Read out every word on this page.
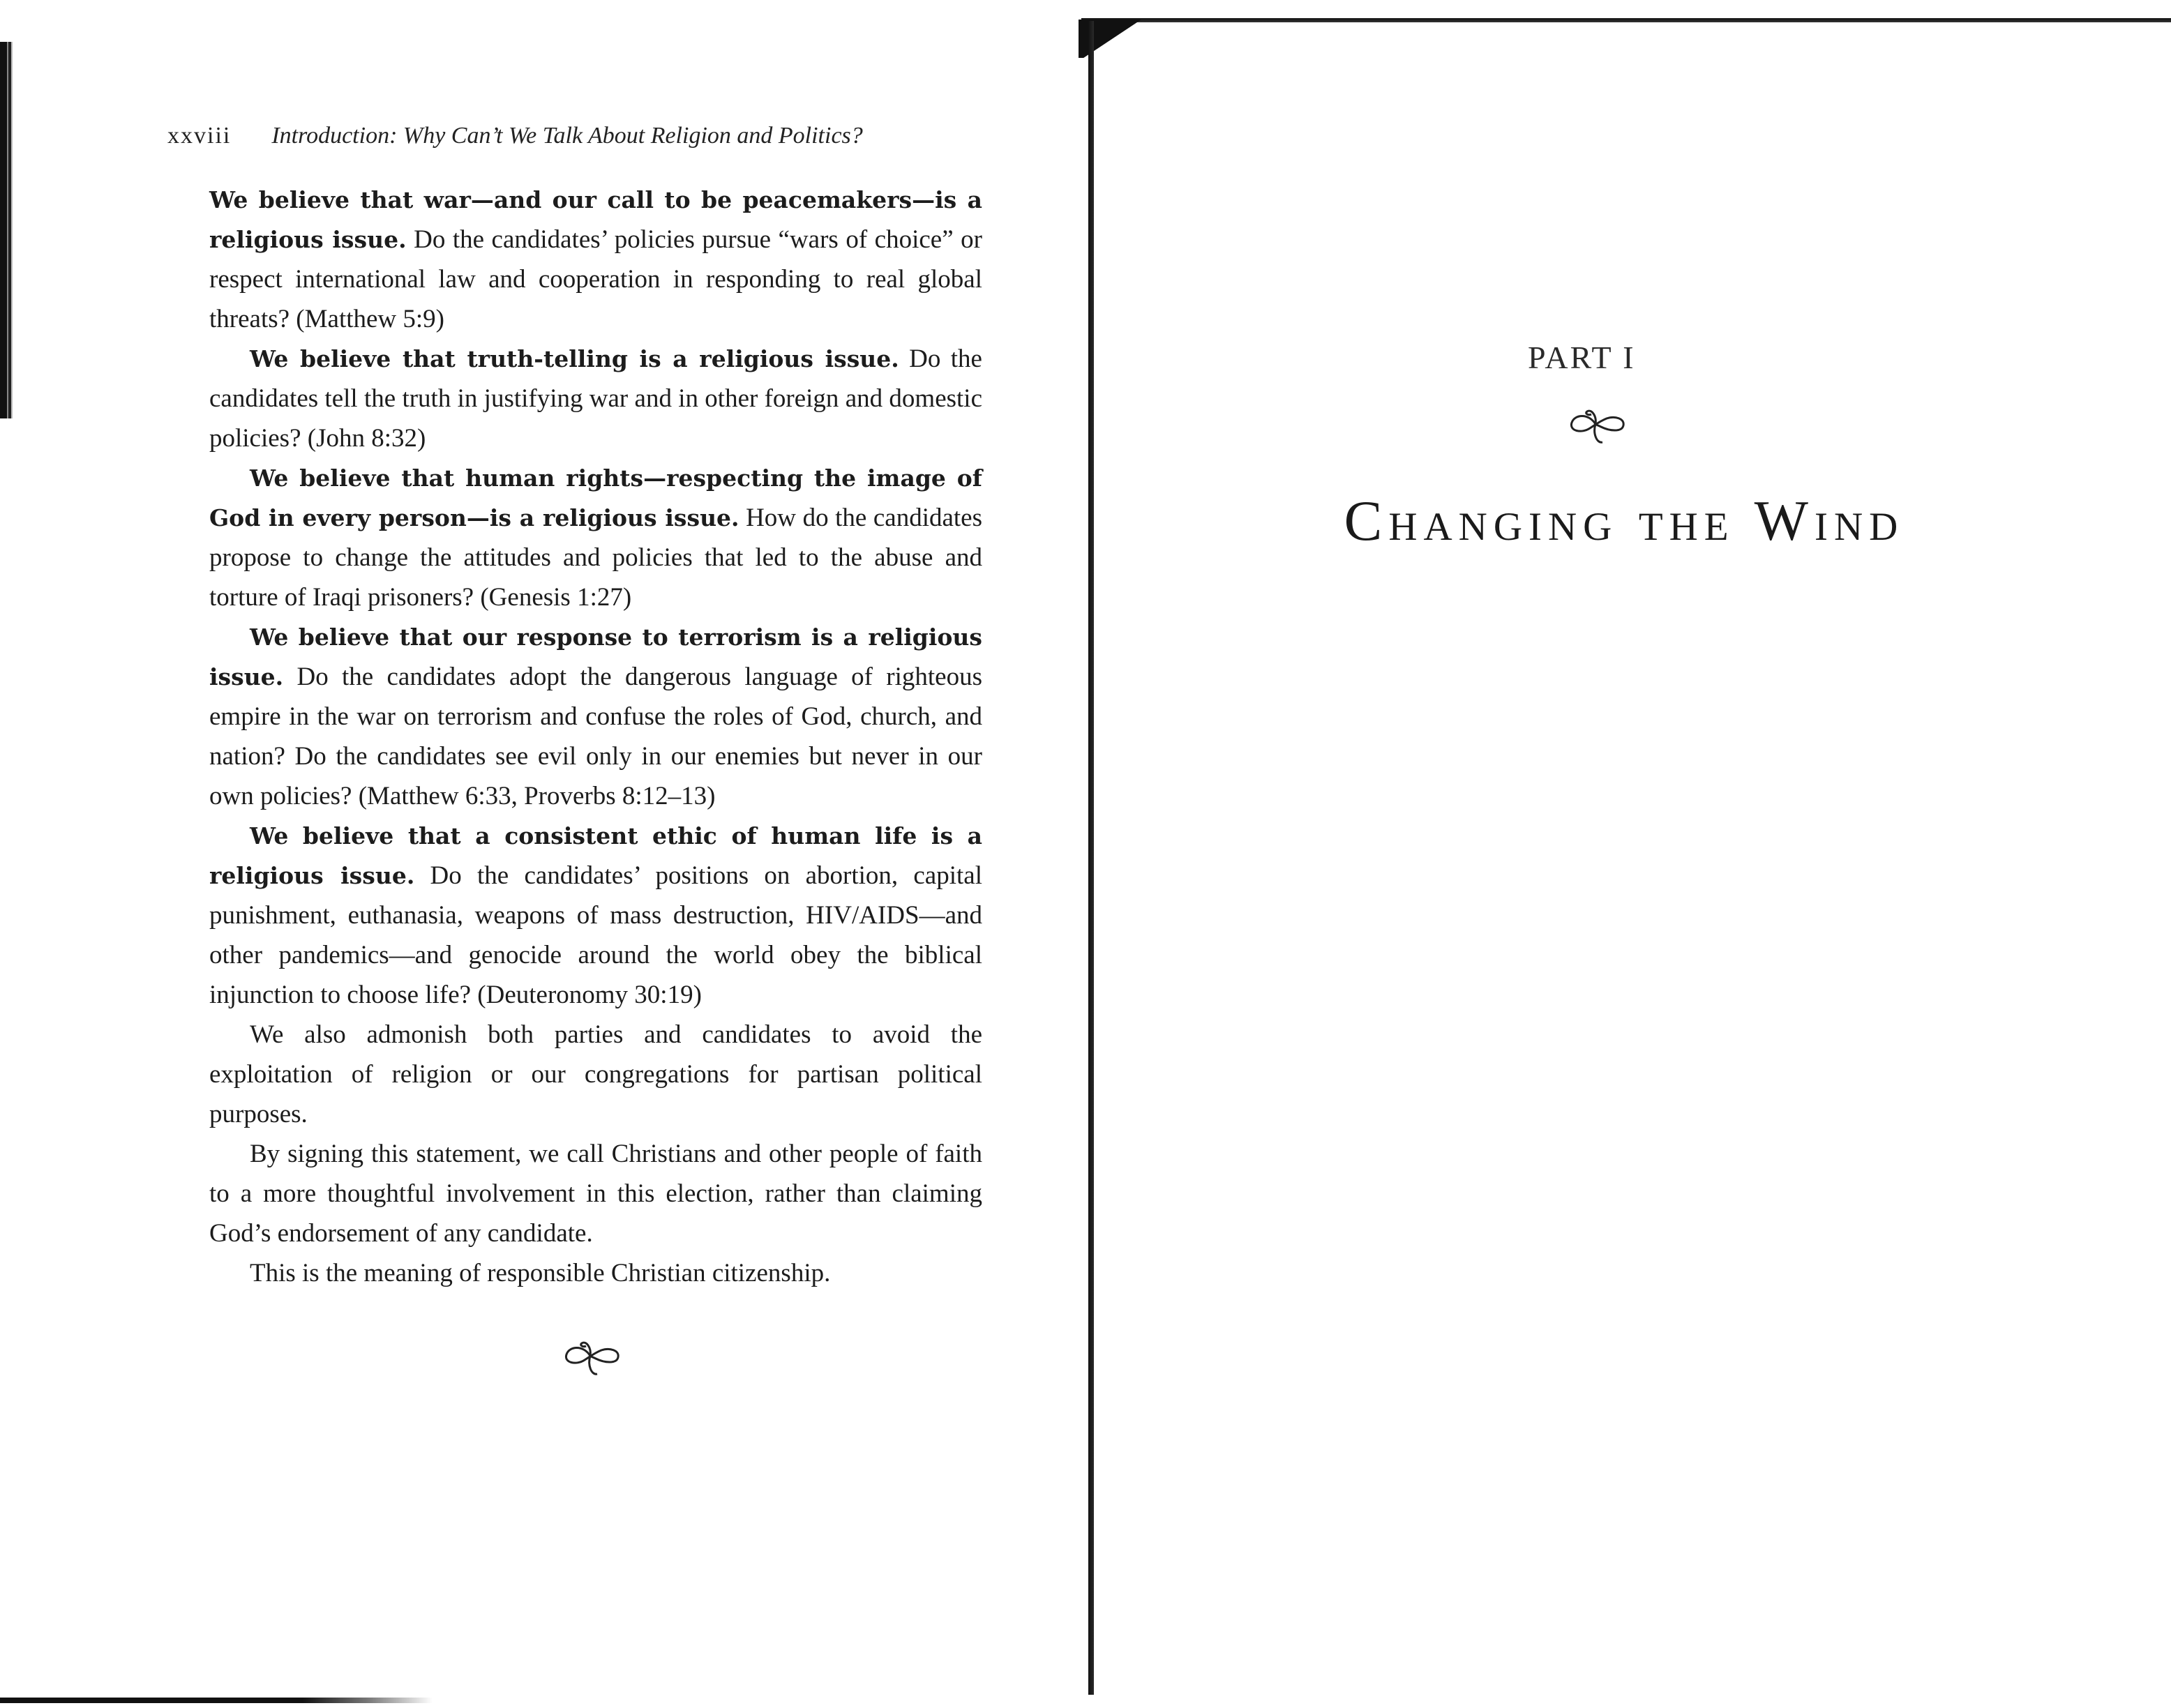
xxviii Introduction: Why Can’t We Talk About Religion and Politics?

We believe that war—and our call to be peacemakers—is a religious issue. Do the candidates’ policies pursue “wars of choice” or respect international law and cooperation in responding to real global threats? (Matthew 5:9)

We believe that truth-telling is a religious issue. Do the candidates tell the truth in justifying war and in other foreign and domestic policies? (John 8:32)

We believe that human rights—respecting the image of God in every person—is a religious issue. How do the candidates propose to change the attitudes and policies that led to the abuse and torture of Iraqi prisoners? (Genesis 1:27)

We believe that our response to terrorism is a religious issue. Do the candidates adopt the dangerous language of righteous empire in the war on terrorism and confuse the roles of God, church, and nation? Do the candidates see evil only in our enemies but never in our own policies? (Matthew 6:33, Proverbs 8:12–13)

We believe that a consistent ethic of human life is a religious issue. Do the candidates’ positions on abortion, capital punishment, euthanasia, weapons of mass destruction, HIV/AIDS—and other pandemics—and genocide around the world obey the biblical injunction to choose life? (Deuteronomy 30:19)

We also admonish both parties and candidates to avoid the exploitation of religion or our congregations for partisan political purposes.

By signing this statement, we call Christians and other people of faith to a more thoughtful involvement in this election, rather than claiming God’s endorsement of any candidate.

This is the meaning of responsible Christian citizenship.

PART I
Changing the Wind
